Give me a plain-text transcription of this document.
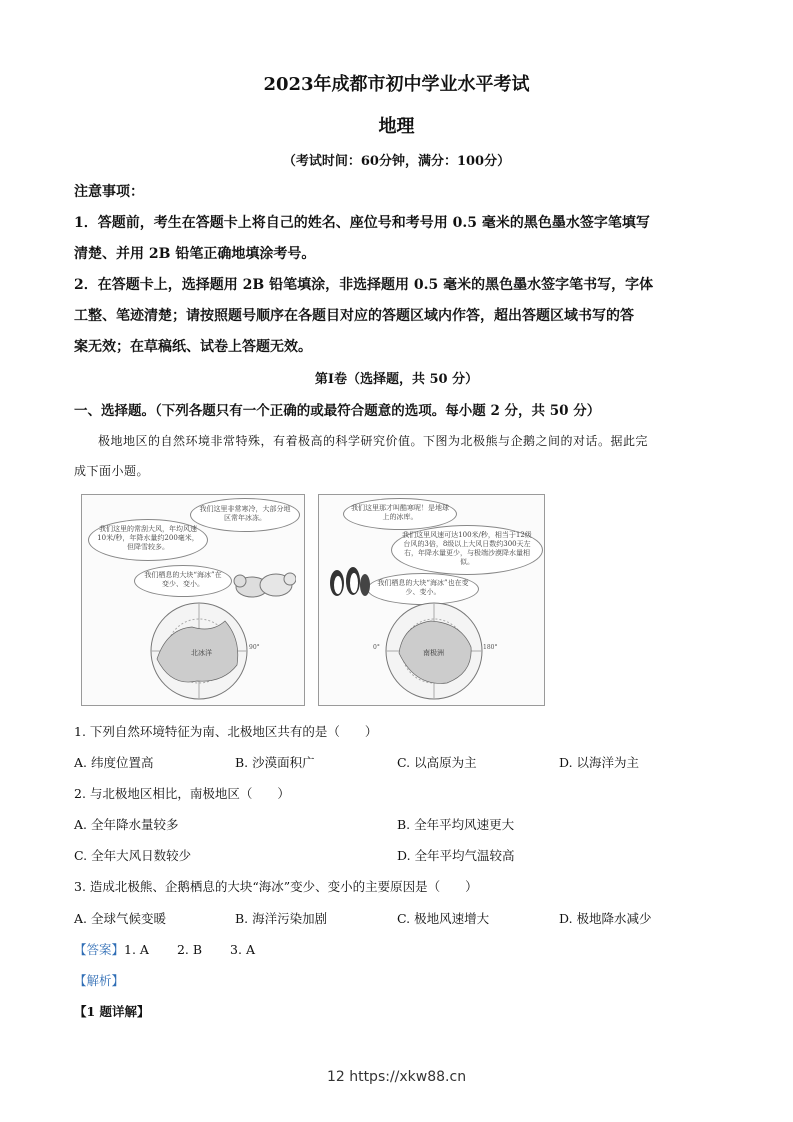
2023年成都市初中学业水平考试
地理
（考试时间：60分钟，满分：100分）
注意事项：
1．答题前，考生在答题卡上将自己的姓名、座位号和考号用 0.5 毫米的黑色墨水签字笔填写
清楚、并用 2B 铅笔正确地填涂考号。
2．在答题卡上，选择题用 2B 铅笔填涂，非选择题用 0.5 毫米的黑色墨水签字笔书写，字体
工整、笔迹清楚；请按照题号顺序在各题目对应的答题区域内作答，超出答题区域书写的答
案无效；在草稿纸、试卷上答题无效。
第Ⅰ卷（选择题，共 50 分）
一、选择题。（下列各题只有一个正确的或最符合题意的选项。每小题 2 分，共 50 分）
极地地区的自然环境非常特殊，有着极高的科学研究价值。下图为北极熊与企鹅之间的对话。据此完
成下面小题。
我们这里非常寒冷，大部分地区常年冰冻。
我们这里的常刮大风，年均风速10米/秒，年降水量约200毫米，但降雪较多。
我们栖息的大块“海冰”在变少、变小。
北冰洋
90°
我们这里那才叫酷寒呢！是地球上的冰库。
我们这里风速可达100米/秒，相当于12级台风的3倍，8级以上大风日数约300天左右，年降水量更少，与极端沙漠降水量相似。
我们栖息的大块“海冰”也在变少、变小。
南极洲
180°
0°
1. 下列自然环境特征为南、北极地区共有的是（　　）
A. 纬度位置高	B. 沙漠面积广	C. 以高原为主	D. 以海洋为主
2. 与北极地区相比，南极地区（　　）
A. 全年降水量较多	B. 全年平均风速更大
C. 全年大风日数较少	D. 全年平均气温较高
3. 造成北极熊、企鹅栖息的大块“海冰”变少、变小的主要原因是（　　）
A. 全球气候变暖	B. 海洋污染加剧	C. 极地风速增大	D. 极地降水减少
【答案】1. A 2. B 3. A
【解析】
【1 题详解】
12 https://xkw88.cn
